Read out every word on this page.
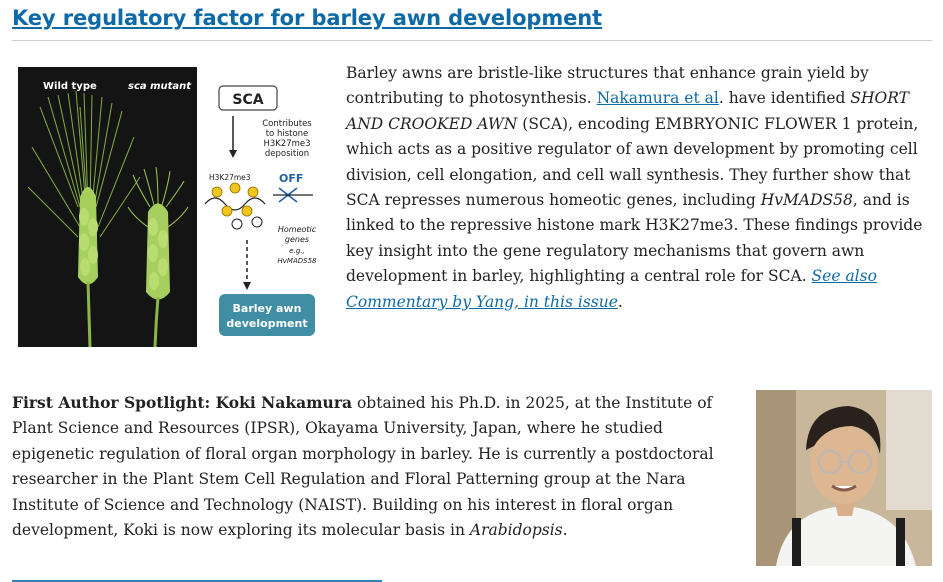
Key regulatory factor for barley awn development
Wild type	sca mutant
SCA
Contributes
to histone
H3K27me3
deposition
H3K27me3	OFF
Homeotic
genes
e.g.,
HvMADS58
Barley awn
development

Barley awns are bristle-like structures that enhance grain yield by contributing to photosynthesis. Nakamura et al. have identified SHORT AND CROOKED AWN (SCA), encoding EMBRYONIC FLOWER 1 protein, which acts as a positive regulator of awn development by promoting cell division, cell elongation, and cell wall synthesis. They further show that SCA represses numerous homeotic genes, including HvMADS58, and is linked to the repressive histone mark H3K27me3. These findings provide key insight into the gene regulatory mechanisms that govern awn development in barley, highlighting a central role for SCA. See also Commentary by Yang, in this issue.

First Author Spotlight: Koki Nakamura obtained his Ph.D. in 2025, at the Institute of Plant Science and Resources (IPSR), Okayama University, Japan, where he studied epigenetic regulation of floral organ morphology in barley. He is currently a postdoctoral researcher in the Plant Stem Cell Regulation and Floral Patterning group at the Nara Institute of Science and Technology (NAIST). Building on his interest in floral organ development, Koki is now exploring its molecular basis in Arabidopsis.
